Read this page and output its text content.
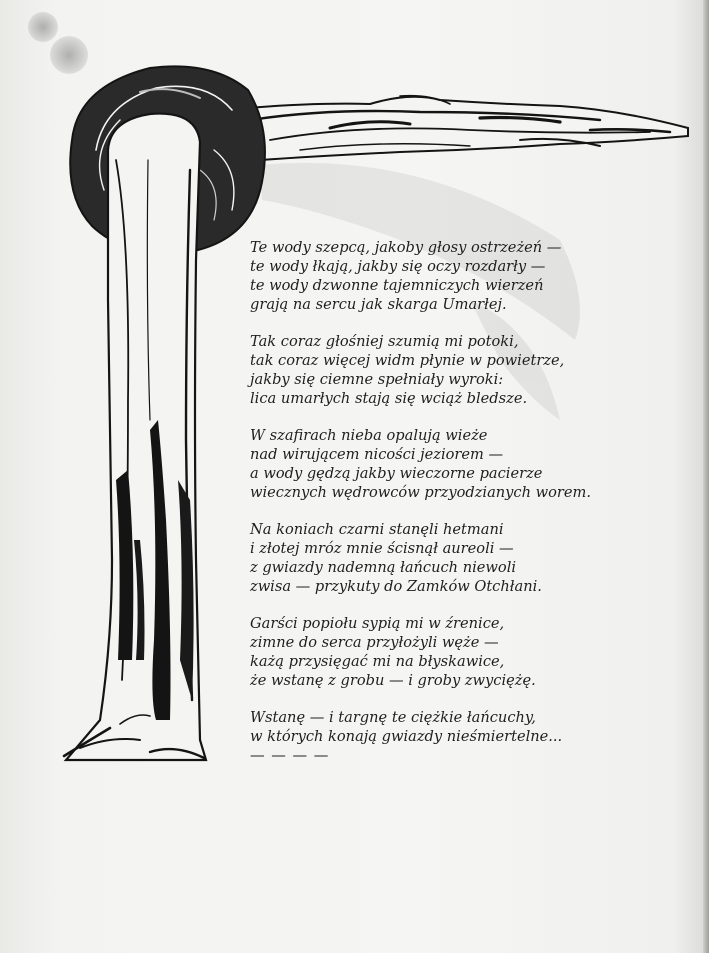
Te wody szepcą, jakoby głosy ostrzeżeń —
te wody łkają, jakby się oczy rozdarły —
te wody dzwonne tajemniczych wierzeń
grają na sercu jak skarga Umarłej.
Tak coraz głośniej szumią mi potoki,
tak coraz więcej widm płynie w powietrze,
jakby się ciemne spełniały wyroki:
lica umarłych stają się wciąż bledsze.
W szafirach nieba opalują wieże
nad wirującem nicości jeziorem —
a wody gędzą jakby wieczorne pacierze
wiecznych wędrowców przyodzianych worem.
Na koniach czarni stanęli hetmani
i złotej mróz mnie ścisnął aureoli —
z gwiazdy nademną łańcuch niewoli
zwisa — przykuty do Zamków Otchłani.
Garści popiołu sypią mi w źrenice,
zimne do serca przyłożyli węże —
każą przysięgać mi na błyskawice,
że wstanę z grobu — i groby zwyciężę.
Wstanę — i targnę te ciężkie łańcuchy,
w których konają gwiazdy nieśmiertelne...
— — — —
